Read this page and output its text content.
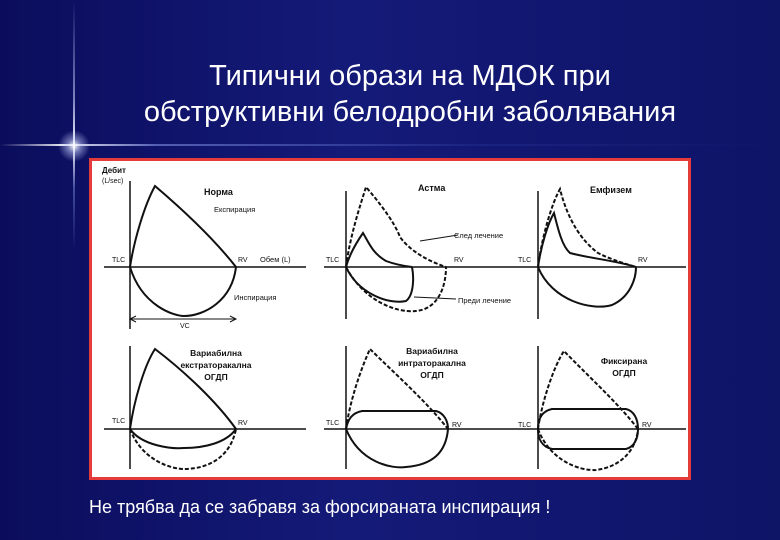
Типични образи на МДОК при
обструктивни белодробни заболявания
Дебит
(L/sec)
Норма
Експирация
TLC	RV Обем (L)
Инспирация
VC
Астма
След лечение
Преди лечение
TLC	RV
Емфизем
TLC	RV
Вариабилна
екстраторакална
ОГДП
TLC	RV
Вариабилна
интраторакална
ОГДП
TLC	RV
Фиксирана
ОГДП
TLC	RV
Не трябва да се забравя за форсираната инспирация !
